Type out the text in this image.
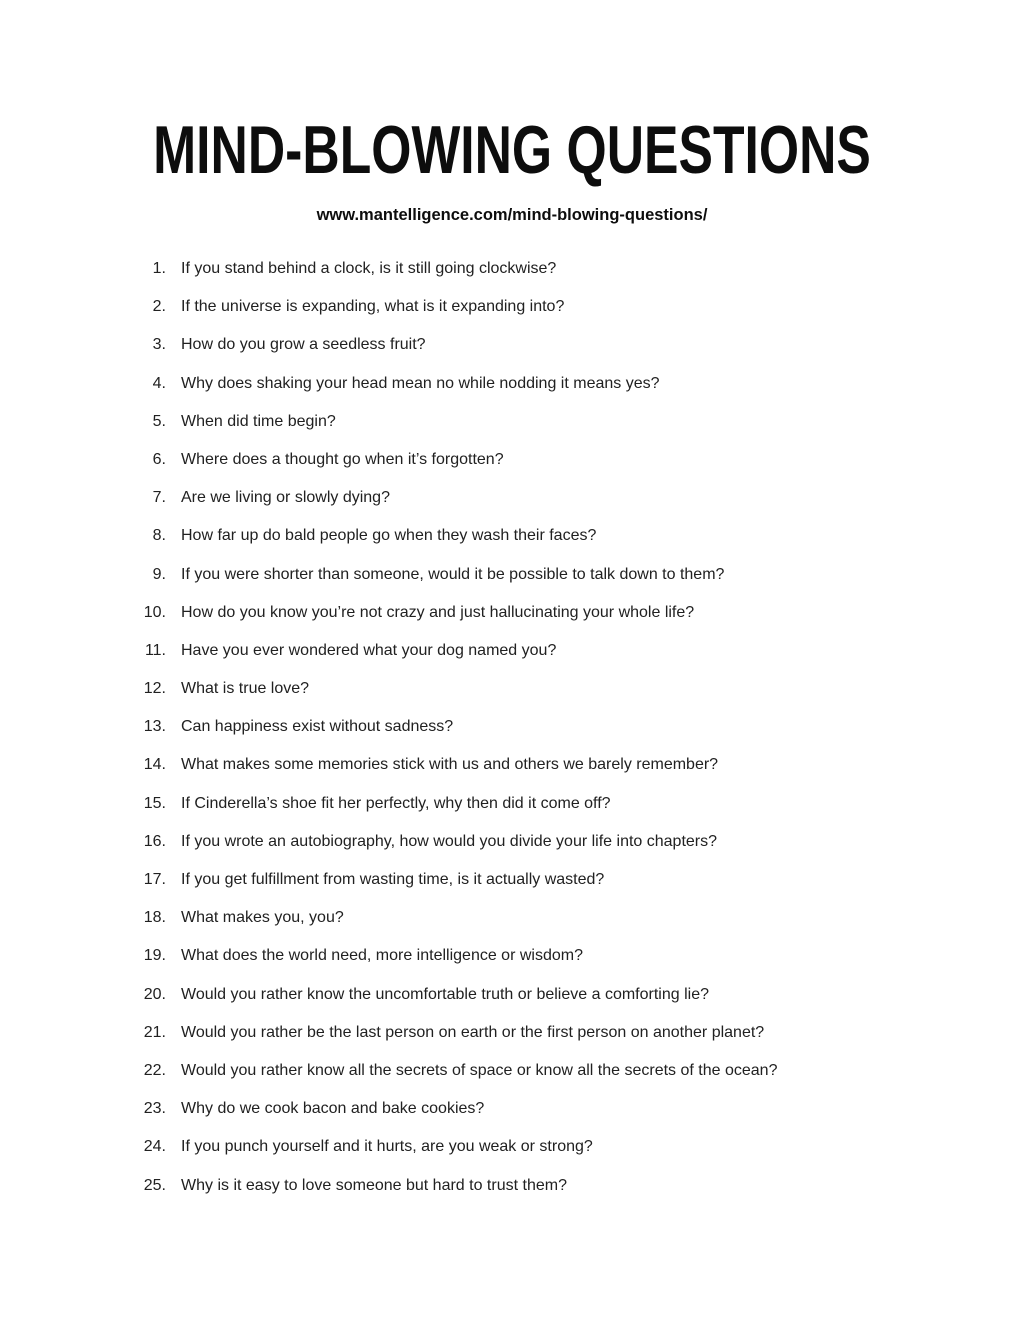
MIND-BLOWING QUESTIONS
www.mantelligence.com/mind-blowing-questions/
1. If you stand behind a clock, is it still going clockwise?
2. If the universe is expanding, what is it expanding into?
3. How do you grow a seedless fruit?
4. Why does shaking your head mean no while nodding it means yes?
5. When did time begin?
6. Where does a thought go when it’s forgotten?
7. Are we living or slowly dying?
8. How far up do bald people go when they wash their faces?
9. If you were shorter than someone, would it be possible to talk down to them?
10. How do you know you’re not crazy and just hallucinating your whole life?
11. Have you ever wondered what your dog named you?
12. What is true love?
13. Can happiness exist without sadness?
14. What makes some memories stick with us and others we barely remember?
15. If Cinderella’s shoe fit her perfectly, why then did it come off?
16. If you wrote an autobiography, how would you divide your life into chapters?
17. If you get fulfillment from wasting time, is it actually wasted?
18. What makes you, you?
19. What does the world need, more intelligence or wisdom?
20. Would you rather know the uncomfortable truth or believe a comforting lie?
21. Would you rather be the last person on earth or the first person on another planet?
22. Would you rather know all the secrets of space or know all the secrets of the ocean?
23. Why do we cook bacon and bake cookies?
24. If you punch yourself and it hurts, are you weak or strong?
25. Why is it easy to love someone but hard to trust them?
